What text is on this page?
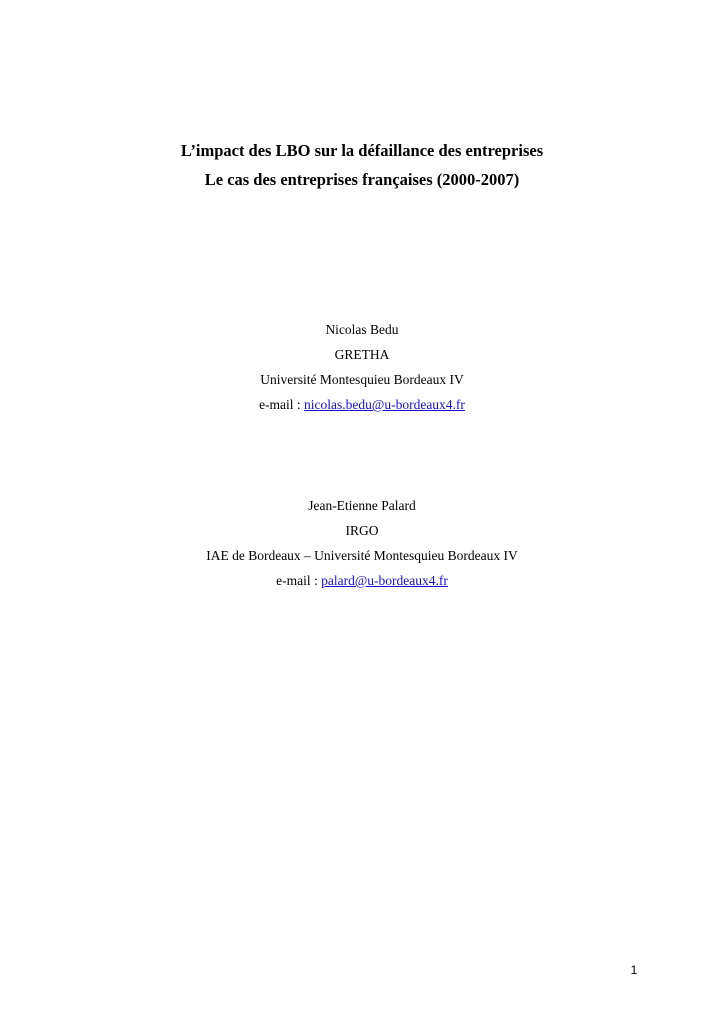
L’impact des LBO sur la défaillance des entreprises
Le cas des entreprises françaises (2000-2007)
Nicolas Bedu
GRETHA
Université Montesquieu Bordeaux IV
e-mail : nicolas.bedu@u-bordeaux4.fr
Jean-Etienne Palard
IRGO
IAE de Bordeaux – Université Montesquieu Bordeaux IV
e-mail : palard@u-bordeaux4.fr
1
